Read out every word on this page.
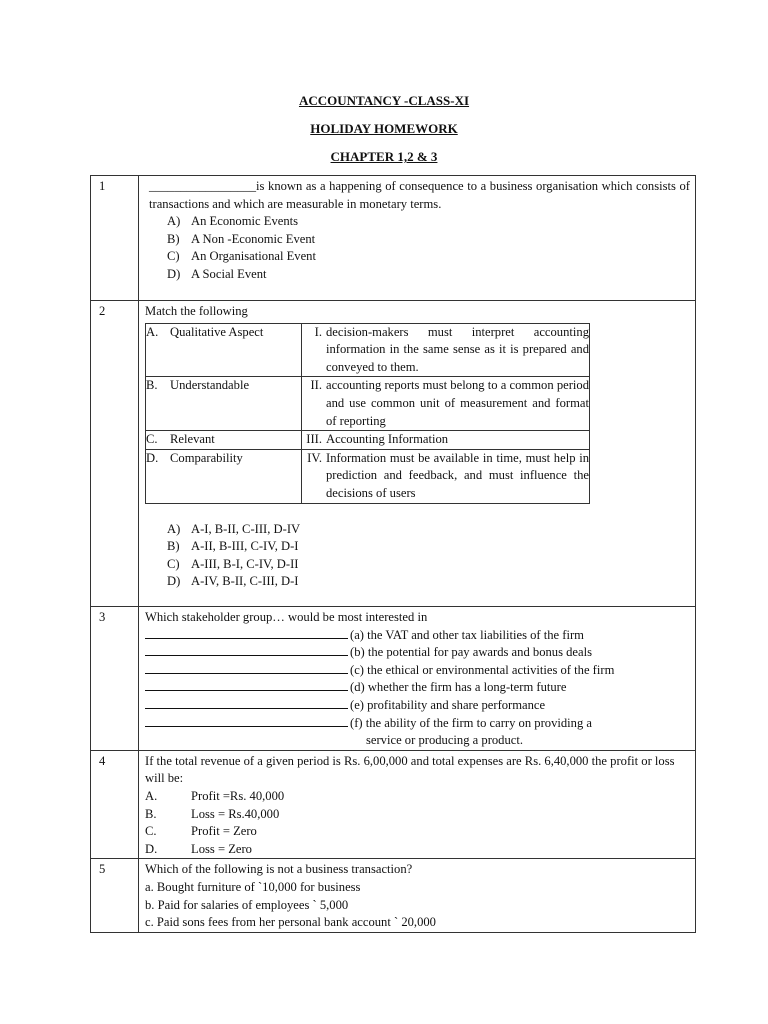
ACCOUNTANCY -CLASS-XI
HOLIDAY HOMEWORK
CHAPTER 1,2 & 3
1	_________________is known as a happening of consequence to a business organisation which consists of transactions and which are measurable in monetary terms.
A) An Economic Events
B) A Non -Economic Event
C) An Organisational Event
D) A Social Event

2	Match the following
A. Qualitative Aspect	I. decision-makers must interpret accounting information in the same sense as it is prepared and conveyed to them.

B. Understandable	II. accounting reports must belong to a common period and use common unit of measurement and format of reporting

C. Relevant	III. Accounting Information

D. Comparability	IV. Information must be available in time, must help in prediction and feedback, and must influence the decisions of users
A) A-I, B-II, C-III, D-IV
B) A-II, B-III, C-IV, D-I
C) A-III, B-I, C-IV, D-II
D) A-IV, B-II, C-III, D-I

3	Which stakeholder group… would be most interested in
(a) the VAT and other tax liabilities of the firm
(b) the potential for pay awards and bonus deals
(c) the ethical or environmental activities of the firm
(d) whether the firm has a long-term future
(e) profitability and share performance
(f) the ability of the firm to carry on providing a
service or producing a product.

4	If the total revenue of a given period is Rs. 6,00,000 and total expenses are Rs. 6,40,000 the profit or loss will be:
A.	Profit =Rs. 40,000
B.	Loss = Rs.40,000
C.	Profit = Zero
D.	Loss = Zero

5	Which of the following is not a business transaction?
a. Bought furniture of `10,000 for business
b. Paid for salaries of employees ` 5,000
c. Paid sons fees from her personal bank account ` 20,000
